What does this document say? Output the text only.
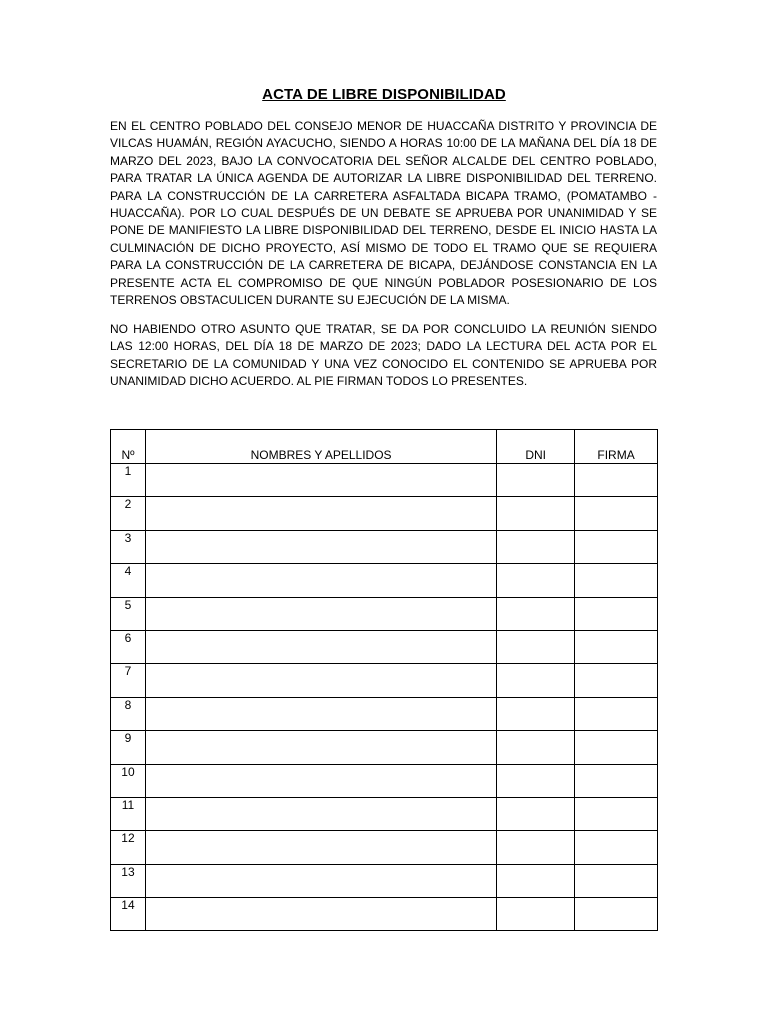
ACTA DE LIBRE DISPONIBILIDAD

EN EL CENTRO POBLADO DEL CONSEJO MENOR DE HUACCAÑA DISTRITO Y PROVINCIA DE VILCAS HUAMÁN, REGIÓN AYACUCHO, SIENDO A HORAS 10:00 DE LA MAÑANA DEL DÍA 18 DE MARZO DEL 2023, BAJO LA CONVOCATORIA DEL SEÑOR ALCALDE DEL CENTRO POBLADO, PARA TRATAR LA ÚNICA AGENDA DE AUTORIZAR LA LIBRE DISPONIBILIDAD DEL TERRENO. PARA LA CONSTRUCCIÓN DE LA CARRETERA ASFALTADA BICAPA TRAMO, (POMATAMBO - HUACCAÑA). POR LO CUAL DESPUÉS DE UN DEBATE SE APRUEBA POR UNANIMIDAD Y SE PONE DE MANIFIESTO LA LIBRE DISPONIBILIDAD DEL TERRENO, DESDE EL INICIO HASTA LA CULMINACIÓN DE DICHO PROYECTO, ASÍ MISMO DE TODO EL TRAMO QUE SE REQUIERA PARA LA CONSTRUCCIÓN DE LA CARRETERA DE BICAPA, DEJÁNDOSE CONSTANCIA EN LA PRESENTE ACTA EL COMPROMISO DE QUE NINGÚN POBLADOR POSESIONARIO DE LOS TERRENOS OBSTACULICEN DURANTE SU EJECUCIÓN DE LA MISMA.

NO HABIENDO OTRO ASUNTO QUE TRATAR, SE DA POR CONCLUIDO LA REUNIÓN SIENDO LAS 12:00 HORAS, DEL DÍA 18 DE MARZO DE 2023; DADO LA LECTURA DEL ACTA POR EL SECRETARIO DE LA COMUNIDAD Y UNA VEZ CONOCIDO EL CONTENIDO SE APRUEBA POR UNANIMIDAD DICHO ACUERDO. AL PIE FIRMAN TODOS LO PRESENTES.

Nº	NOMBRES Y APELLIDOS	DNI	FIRMA
1			
2			
3			
4			
5			
6			
7			
8			
9			
10			
11			
12			
13			
14			
